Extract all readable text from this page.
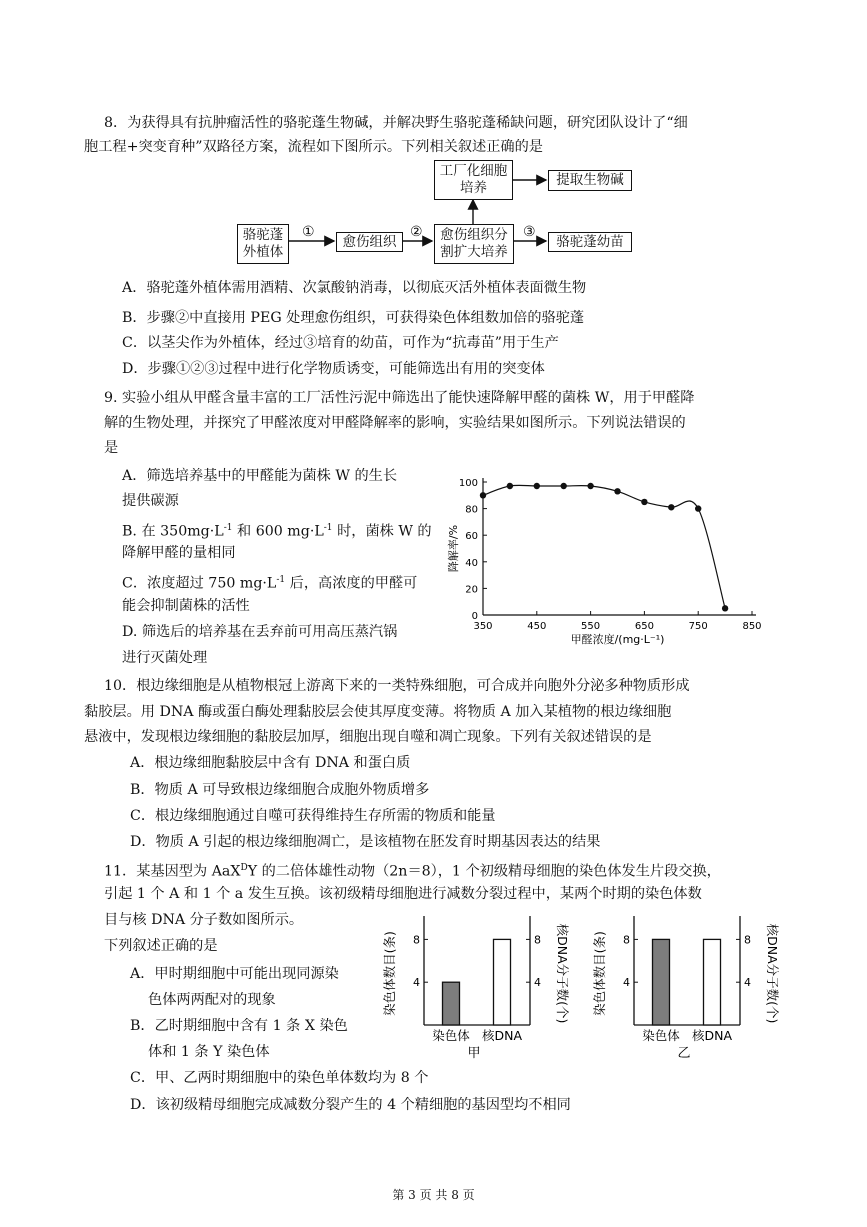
8．为获得具有抗肿瘤活性的骆驼蓬生物碱，并解决野生骆驼蓬稀缺问题，研究团队设计了“细
胞工程+突变育种”双路径方案，流程如下图所示。下列相关叙述正确的是
①	②	③
骆驼蓬外植体
愈伤组织	愈伤组织分割扩大培养
工厂化细胞培养	提取生物碱
骆驼蓬幼苗
A．骆驼蓬外植体需用酒精、次氯酸钠消毒，以彻底灭活外植体表面微生物
B．步骤②中直接用 PEG 处理愈伤组织，可获得染色体组数加倍的骆驼蓬
C．以茎尖作为外植体，经过③培育的幼苗，可作为“抗毒苗”用于生产
D．步骤①②③过程中进行化学物质诱变，可能筛选出有用的突变体
9. 实验小组从甲醛含量丰富的工厂活性污泥中筛选出了能快速降解甲醛的菌株 W，用于甲醛降
解的生物处理，并探究了甲醛浓度对甲醛降解率的影响，实验结果如图所示。下列说法错误的
是
A．筛选培养基中的甲醛能为菌株 W 的生长
提供碳源
B. 在 $350mg\cdot L^{-1}$ 和 600 $mg\cdot L^{-1}$ 时，菌株 W 的
降解甲醛的量相同
C．浓度超过 750 $mg\cdot L^{-1}$ 后，高浓度的甲醛可
能会抑制菌株的活性
D. 筛选后的培养基在丢弃前可用高压蒸汽锅
进行灭菌处理
0
20
40
60
80
100
350	450	550	650	750	850
甲醛浓度/(mg·L⁻¹)
降解率/%
10．根边缘细胞是从植物根冠上游离下来的一类特殊细胞，可合成并向胞外分泌多种物质形成
黏胶层。用 DNA 酶或蛋白酶处理黏胶层会使其厚度变薄。将物质 A 加入某植物的根边缘细胞
悬液中，发现根边缘细胞的黏胶层加厚，细胞出现自噬和凋亡现象。下列有关叙述错误的是
A．根边缘细胞黏胶层中含有 DNA 和蛋白质
B．物质 A 可导致根边缘细胞合成胞外物质增多
C．根边缘细胞通过自噬可获得维持生存所需的物质和能量
D．物质 A 引起的根边缘细胞凋亡，是该植物在胚发育时期基因表达的结果
11．某基因型为 AaX$^D$Y 的二倍体雄性动物（2n＝8），1 个初级精母细胞的染色体发生片段交换，
引起 1 个 A 和 1 个 a 发生互换。该初级精母细胞进行减数分裂过程中，某两个时期的染色体数
目与核 DNA 分子数如图所示。
下列叙述正确的是
A．甲时期细胞中可能出现同源染
色体两两配对的现象
B．乙时期细胞中含有 1 条 X 染色
体和 1 条 Y 染色体
C．甲、乙两时期细胞中的染色单体数均为 8 个
D．该初级精母细胞完成减数分裂产生的 4 个精细胞的基因型均不相同
4	4
8	8
染色体 核DNA
甲
染色体数目(条)	核DNA分子数(个)	4	4
8	8
染色体 核DNA
乙
染色体数目(条)	核DNA分子数(个)
第 3 页 共 8 页
